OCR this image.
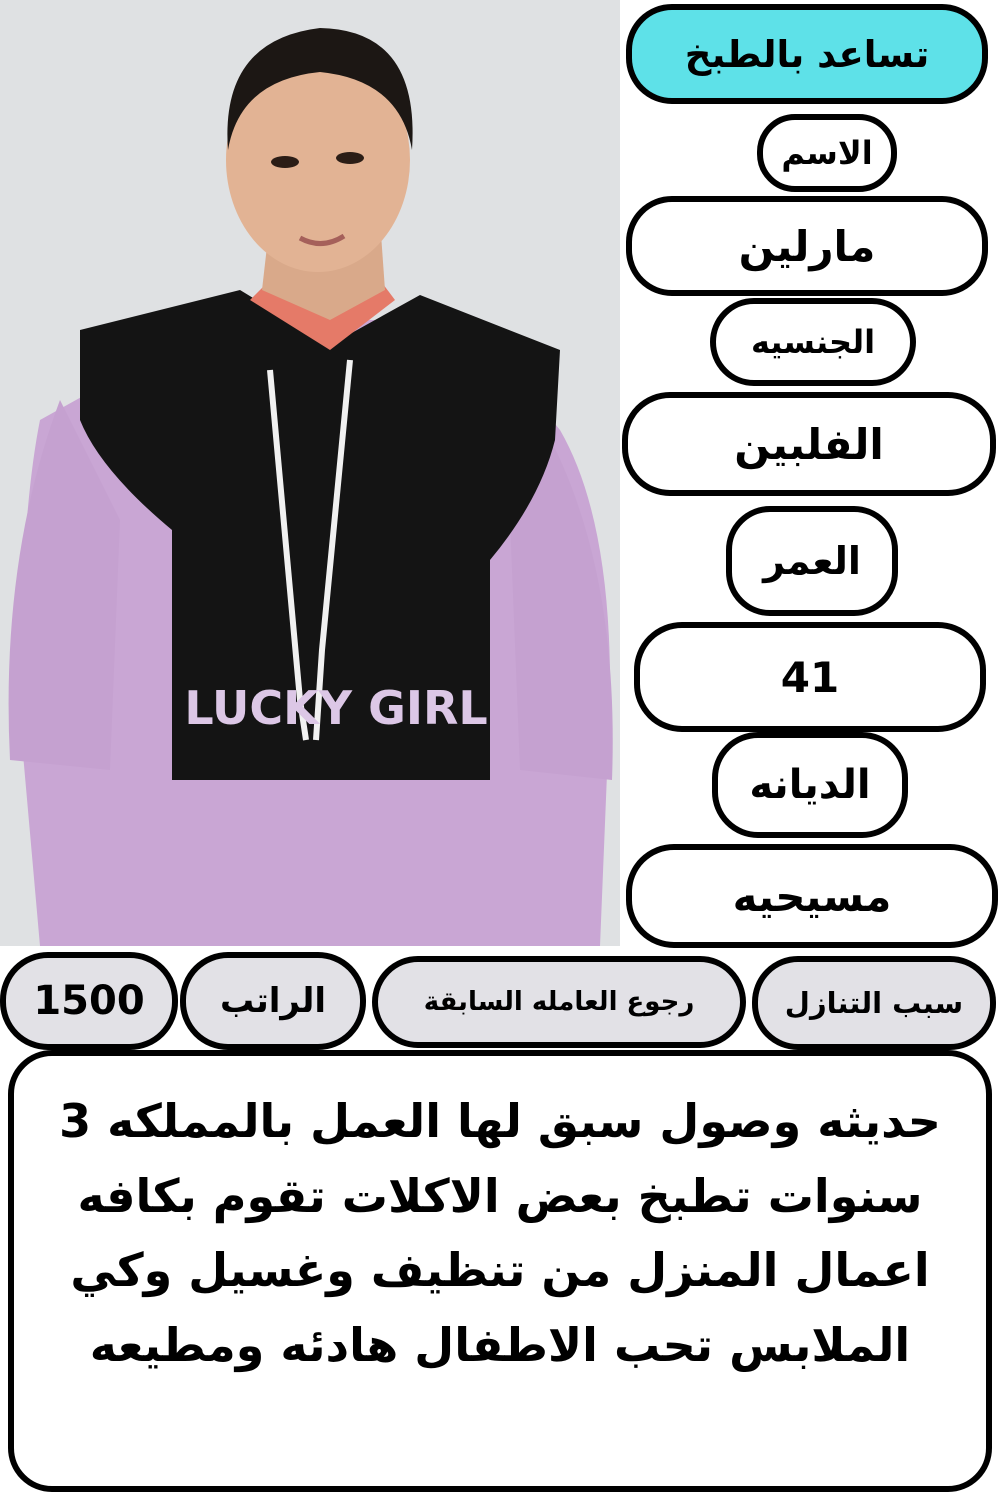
LUCKY GIRL
تساعد بالطبخ
الاسم
مارلين
الجنسيه
الفلبين
العمر
41
الديانه
مسيحيه
1500	الراتب	رجوع العامله السابقة	سبب التنازل
حديثه وصول سبق لها العمل بالمملكه 3 سنوات تطبخ بعض الاكلات تقوم بكافه اعمال المنزل من تنظيف وغسيل وكي الملابس تحب الاطفال هادئه ومطيعه
